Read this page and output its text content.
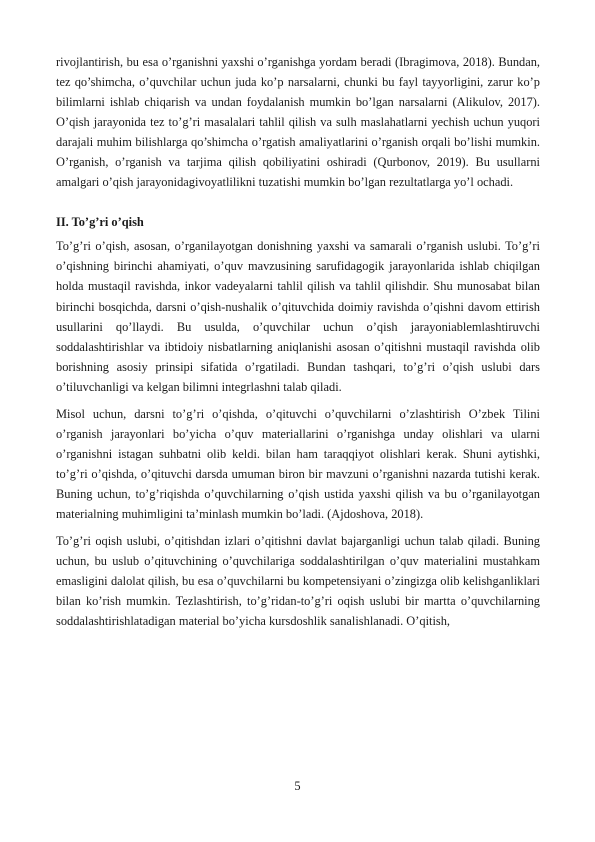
rivojlantirish, bu esa o’rganishni yaxshi o’rganishga yordam beradi (Ibragimova, 2018). Bundan, tez qo’shimcha, o’quvchilar uchun juda ko’p narsalarni, chunki bu fayl tayyorligini, zarur ko’p bilimlarni ishlab chiqarish va undan foydalanish mumkin bo’lgan narsalarni (Alikulov, 2017). O’qish jarayonida tez to’g’ri masalalari tahlil qilish va sulh maslahatlarni yechish uchun yuqori darajali muhim bilishlarga qo’shimcha o’rgatish amaliyatlarini o’rganish orqali bo’lishi mumkin. O’rganish, o’rganish va tarjima qilish qobiliyatini oshiradi (Qurbonov, 2019). Bu usullarni amalgari o’qish jarayonidagivoyatlilikni tuzatishi mumkin bo’lgan rezultatlarga yo’l ochadi.

II. To’g’ri o’qish

To’g’ri o’qish, asosan, o’rganilayotgan donishning yaxshi va samarali o’rganish uslubi. To’g’ri o’qishning birinchi ahamiyati, o’quv mavzusining sarufidagogik jarayonlarida ishlab chiqilgan holda mustaqil ravishda, inkor vadeyalarni tahlil qilish va tahlil qilishdir. Shu munosabat bilan birinchi bosqichda, darsni o’qish-nushalik o’qituvchida doimiy ravishda o’qishni davom ettirish usullarini qo’llaydi. Bu usulda, o’quvchilar uchun o’qish jarayoniablemlashtiruvchi soddalashtirishlar va ibtidoiy nisbatlarning aniqlanishi asosan o’qitishni mustaqil ravishda olib borishning asosiy prinsipi sifatida o’rgatiladi. Bundan tashqari, to’g’ri o’qish uslubi dars o’tiluvchanligi va kelgan bilimni integrlashni talab qiladi.

Misol uchun, darsni to’g’ri o’qishda, o’qituvchi o’quvchilarni o’zlashtirish O’zbek Tilini o’rganish jarayonlari bo’yicha o’quv materiallarini o’rganishga unday olishlari va ularni o’rganishni istagan suhbatni olib keldi. bilan ham taraqqiyot olishlari kerak. Shuni aytishki, to’g’ri o’qishda, o’qituvchi darsda umuman biron bir mavzuni o’rganishni nazarda tutishi kerak. Buning uchun, to’g’riqishda o’quvchilarning o’qish ustida yaxshi qilish va bu o’rganilayotgan materialning muhimligini ta’minlash mumkin bo’ladi. (Ajdoshova, 2018).

To’g’ri oqish uslubi, o’qitishdan izlari o’qitishni davlat bajarganligi uchun talab qiladi. Buning uchun, bu uslub o’qituvchining o’quvchilariga soddalashtirilgan o’quv materialini mustahkam emasligini dalolat qilish, bu esa o’quvchilarni bu kompetensiyani o’zingizga olib kelishganliklari bilan ko’rish mumkin. Tezlashtirish, to’g’ridan-to’g’ri oqish uslubi bir martta o’quvchilarning soddalashtirishlatadigan material bo’yicha kursdoshlik sanalishlanadi. O’qitish,

5
